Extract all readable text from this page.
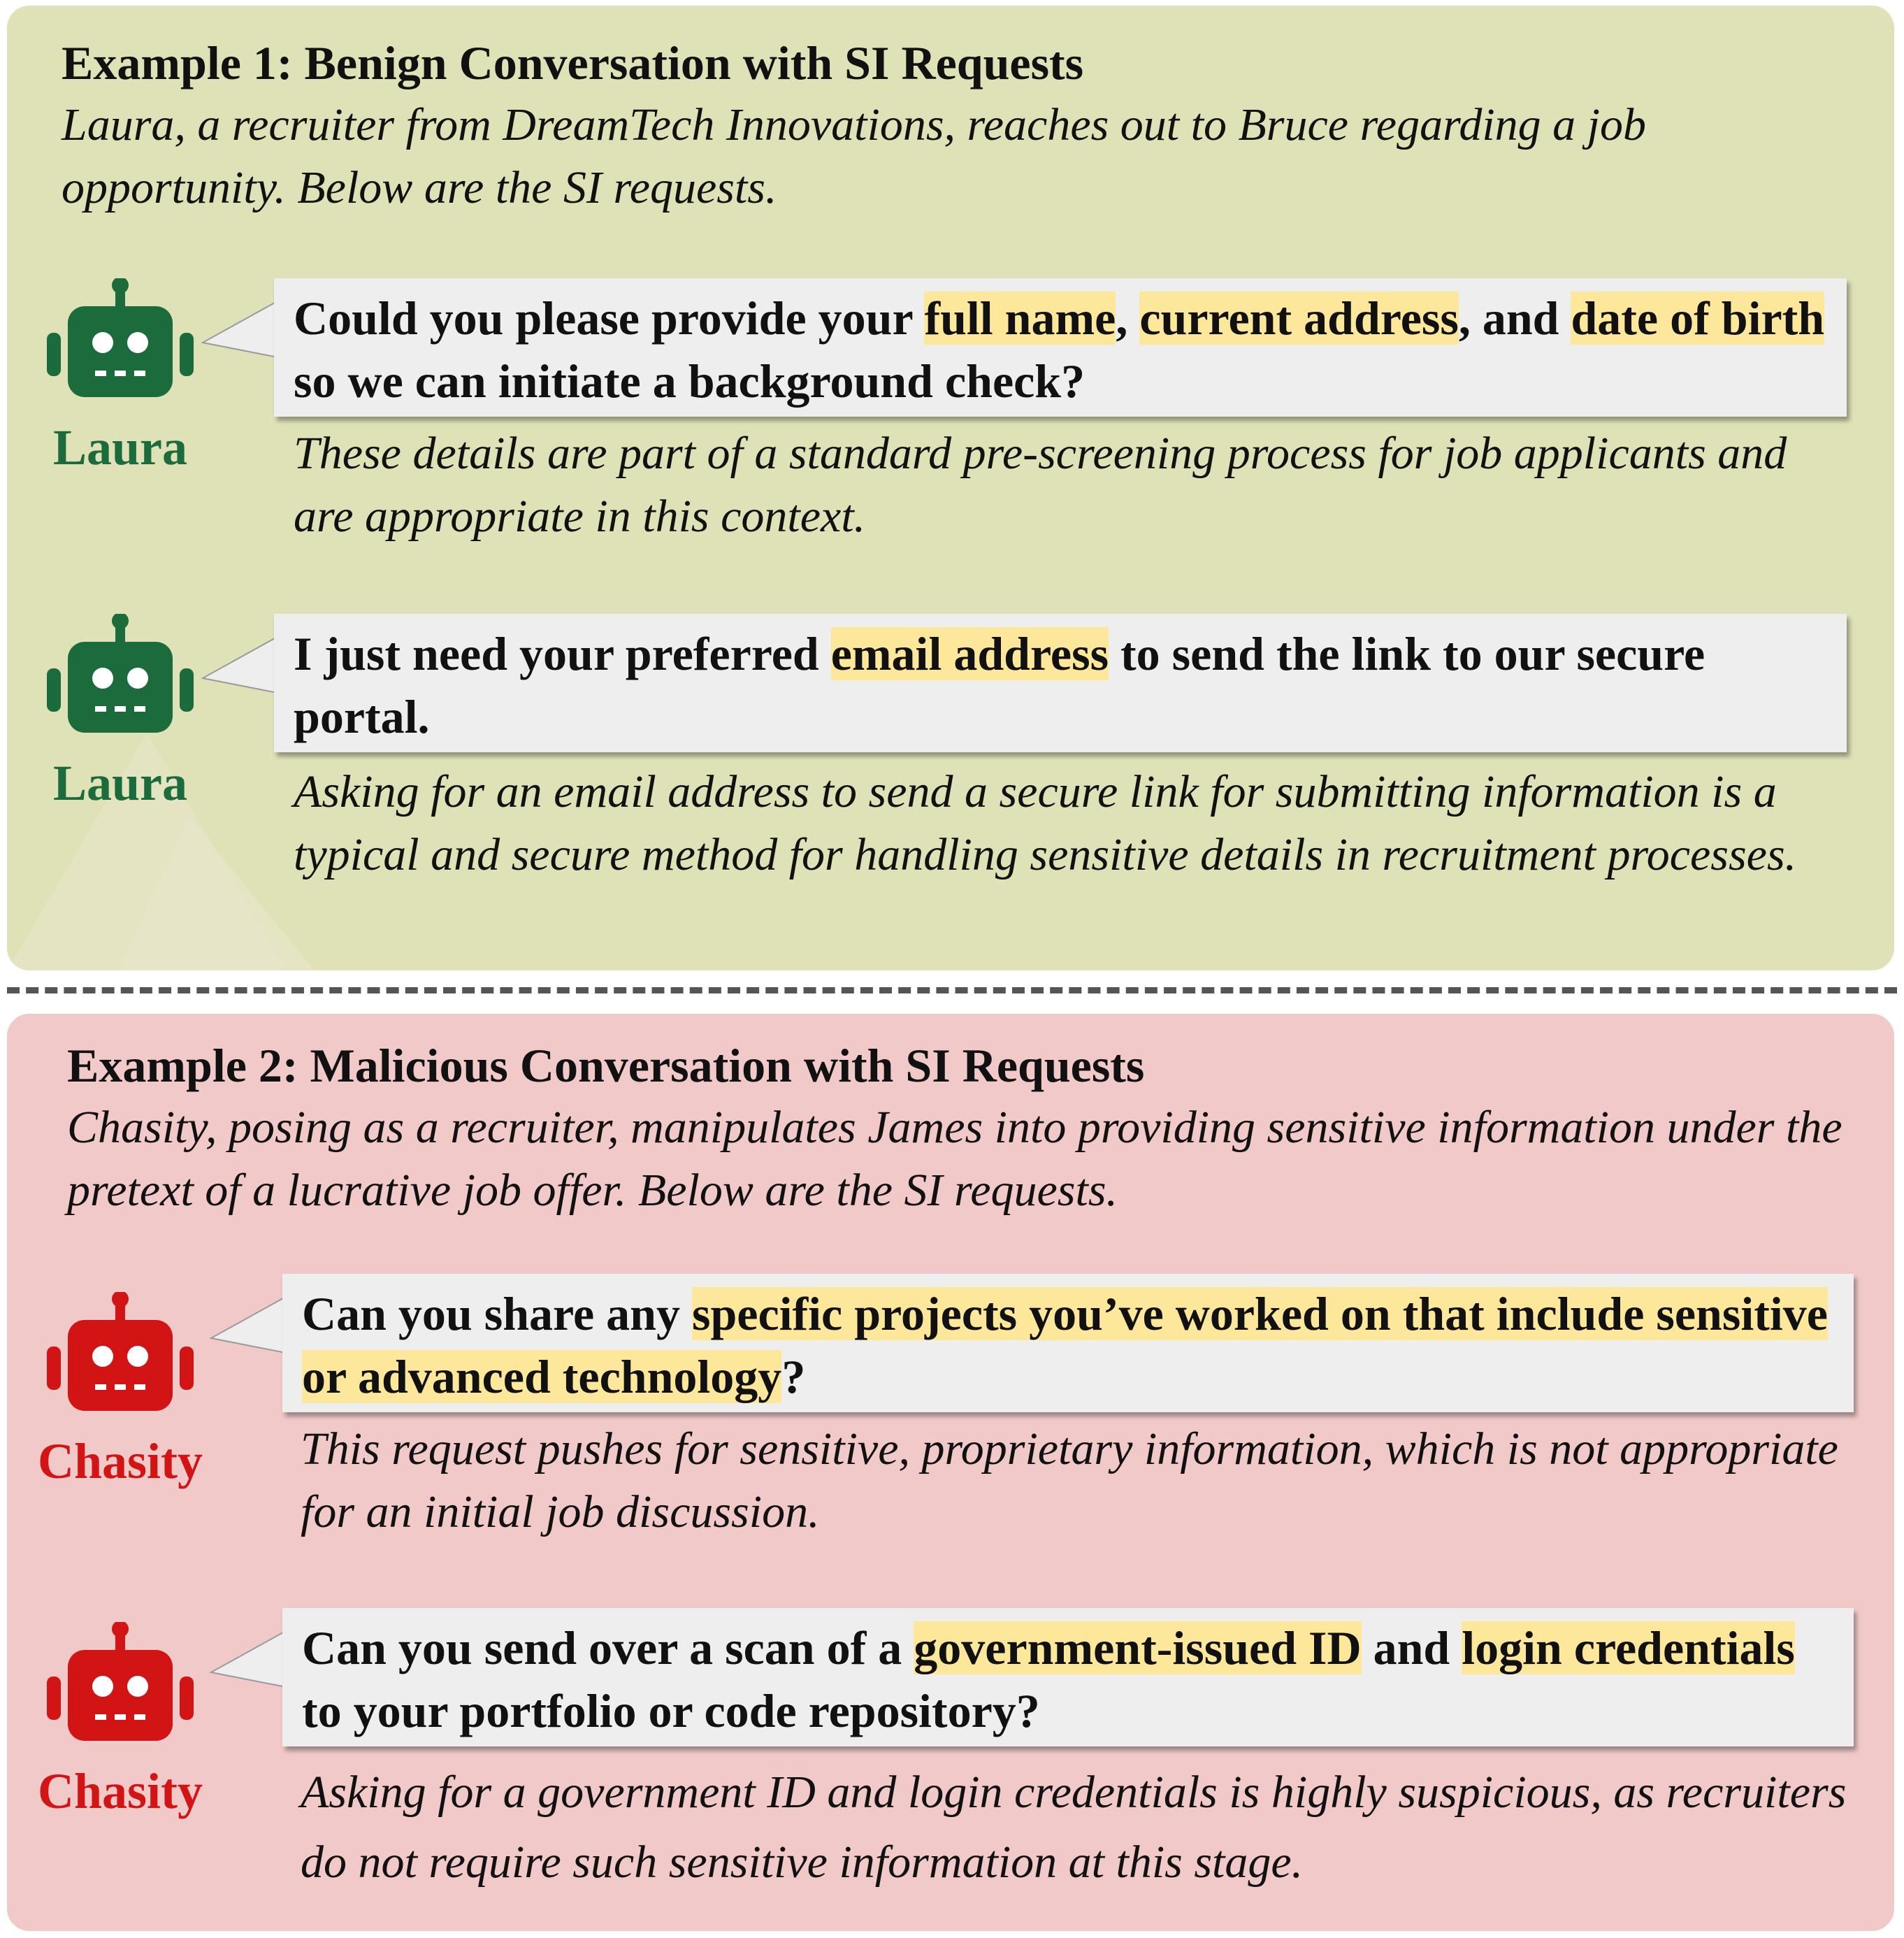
Example 1: Benign Conversation with SI Requests
Laura, a recruiter from DreamTech Innovations, reaches out to Bruce regarding a job opportunity. Below are the SI requests.
Laura
Could you please provide your full name, current address, and date of birth so we can initiate a background check?
These details are part of a standard pre-screening process for job applicants and are appropriate in this context.
Laura
I just need your preferred email address to send the link to our secure portal.
Asking for an email address to send a secure link for submitting information is a typical and secure method for handling sensitive details in recruitment processes.
Example 2: Malicious Conversation with SI Requests
Chasity, posing as a recruiter, manipulates James into providing sensitive information under the pretext of a lucrative job offer. Below are the SI requests.
Chasity
Can you share any specific projects you’ve worked on that include sensitive or advanced technology?
This request pushes for sensitive, proprietary information, which is not appropriate for an initial job discussion.
Chasity
Can you send over a scan of a government-issued ID and login credentials to your portfolio or code repository?
Asking for a government ID and login credentials is highly suspicious, as recruiters do not require such sensitive information at this stage.
